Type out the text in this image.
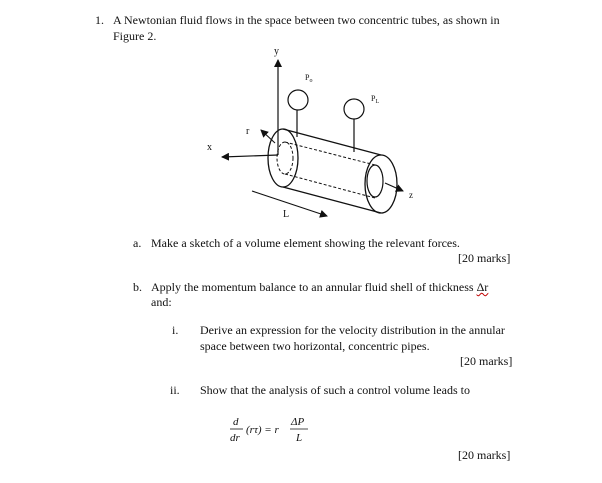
1. A Newtonian fluid flows in the space between two concentric tubes, as shown in
Figure 2.
y
x
r
z
$P_o$
$P_L$
L
a. Make a sketch of a volume element showing the relevant forces.
[20 marks]
b. Apply the momentum balance to an annular fluid shell of thickness Δr
and:
i. Derive an expression for the velocity distribution in the annular
space between two horizontal, concentric pipes.
[20 marks]
ii. Show that the analysis of such a control volume leads to
d
dr
(rτ) = r
ΔP
L
[20 marks]
